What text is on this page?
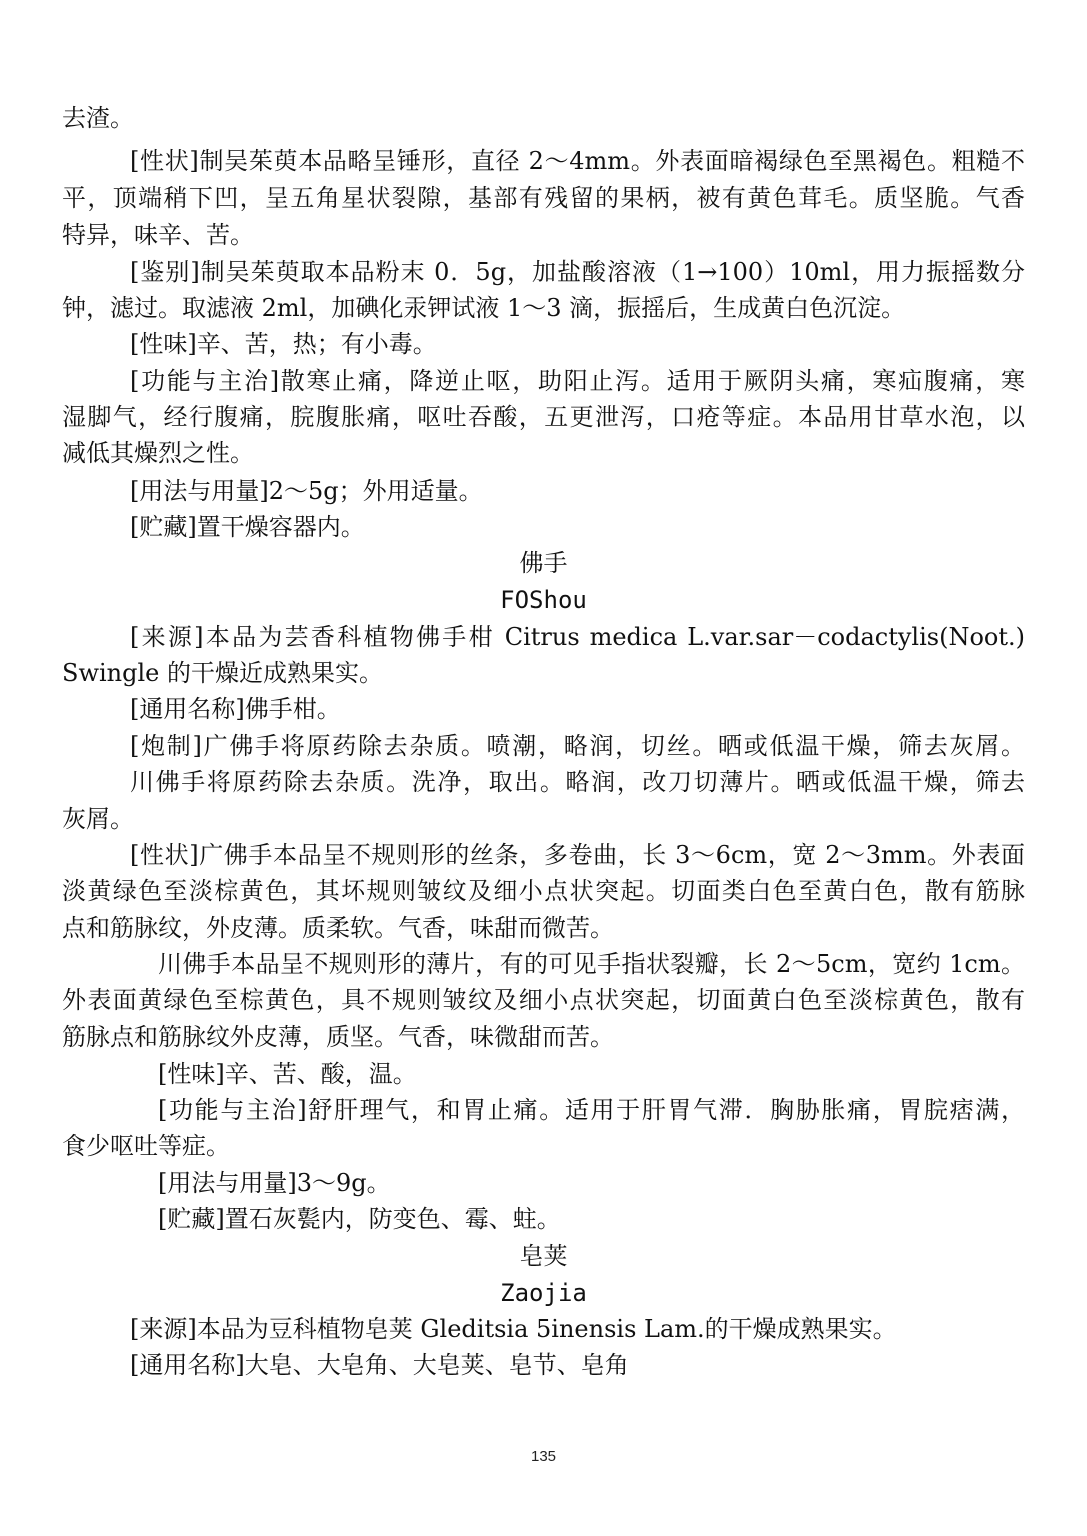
去渣。
[性状]制吴茱萸本品略呈锤形，直径 2～4mm。外表面暗褐绿色至黑褐色。粗糙不
平，顶端稍下凹，呈五角星状裂隙，基部有残留的果柄，被有黄色茸毛。质坚脆。气香
特异，味辛、苦。
[鉴别]制吴茱萸取本品粉末 0．5g，加盐酸溶液（1→100）10ml，用力振摇数分
钟，滤过。取滤液 2ml，加碘化汞钾试液 1～3 滴，振摇后，生成黄白色沉淀。
[性味]辛、苦，热；有小毒。
[功能与主治]散寒止痛，降逆止呕，助阳止泻。适用于厥阴头痛，寒疝腹痛，寒
湿脚气，经行腹痛，脘腹胀痛，呕吐吞酸，五更泄泻，口疮等症。本品用甘草水泡，以
减低其燥烈之性。
[用法与用量]2～5g；外用适量。
[贮藏]置干燥容器内。
佛手
FOShou
[来源]本品为芸香科植物佛手柑 Citrus medica L.var.sar－codactylis(Noot.)
Swingle 的干燥近成熟果实。
[通用名称]佛手柑。
[炮制]广佛手将原药除去杂质。喷潮，略润，切丝。晒或低温干燥，筛去灰屑。
川佛手将原药除去杂质。洗净，取出。略润，改刀切薄片。晒或低温干燥，筛去
灰屑。
[性状]广佛手本品呈不规则形的丝条，多卷曲，长 3～6cm，宽 2～3mm。外表面
淡黄绿色至淡棕黄色，其坏规则皱纹及细小点状突起。切面类白色至黄白色，散有筋脉
点和筋脉纹，外皮薄。质柔软。气香，味甜而微苦。
川佛手本品呈不规则形的薄片，有的可见手指状裂瓣，长 2～5cm，宽约 1cm。
外表面黄绿色至棕黄色，具不规则皱纹及细小点状突起，切面黄白色至淡棕黄色，散有
筋脉点和筋脉纹外皮薄，质坚。气香，味微甜而苦。
[性味]辛、苦、酸，温。
[功能与主治]舒肝理气，和胃止痛。适用于肝胃气滞．胸胁胀痛，胃脘痞满，
食少呕吐等症。
[用法与用量]3～9g。
[贮藏]置石灰甏内，防变色、霉、蛀。
皂荚
Zaojia
[来源]本品为豆科植物皂荚 Gleditsia 5inensis Lam.的干燥成熟果实。
[通用名称]大皂、大皂角、大皂荚、皂节、皂角
135
